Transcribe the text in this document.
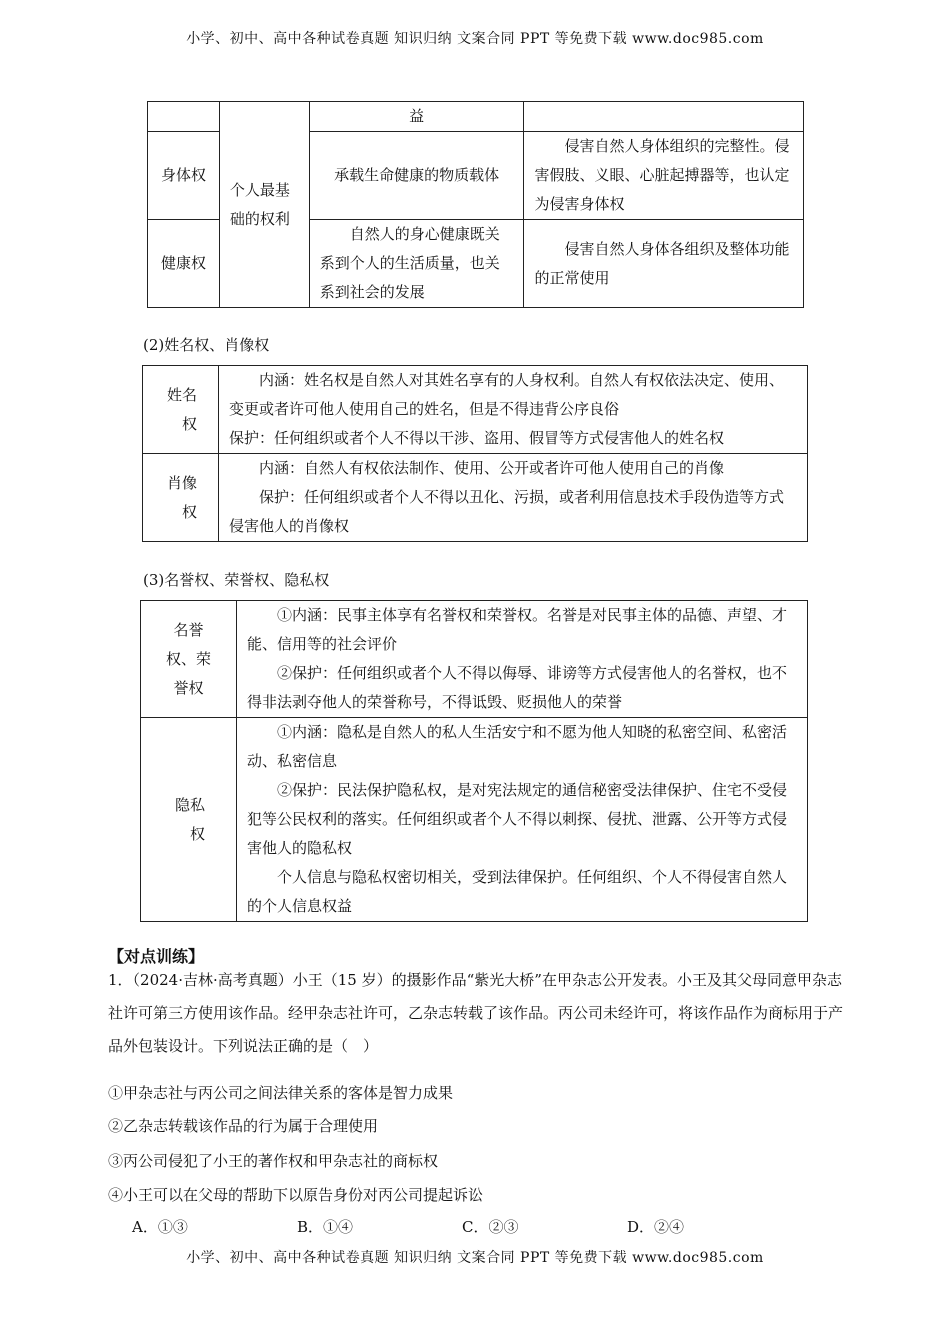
小学、初中、高中各种试卷真题 知识归纳 文案合同 PPT 等免费下载 www.doc985.com
	个人最基础的权利	益	
身体权		承载生命健康的物质载体	侵害自然人身体组织的完整性。侵害假肢、义眼、心脏起搏器等，也认定为侵害身体权
健康权		自然人的身心健康既关系到个人的生活质量，也关系到社会的发展	侵害自然人身体各组织及整体功能的正常使用
(2)姓名权、肖像权
姓名权	内涵：姓名权是自然人对其姓名享有的人身权利。自然人有权依法决定、使用、变更或者许可他人使用自己的姓名，但是不得违背公序良俗
保护：任何组织或者个人不得以干涉、盗用、假冒等方式侵害他人的姓名权

肖像权	内涵：自然人有权依法制作、使用、公开或者许可他人使用自己的肖像
保护：任何组织或者个人不得以丑化、污损，或者利用信息技术手段伪造等方式侵害他人的肖像权
(3)名誉权、荣誉权、隐私权
名誉权、荣誉权	①内涵：民事主体享有名誉权和荣誉权。名誉是对民事主体的品德、声望、才能、信用等的社会评价
②保护：任何组织或者个人不得以侮辱、诽谤等方式侵害他人的名誉权，也不得非法剥夺他人的荣誉称号，不得诋毁、贬损他人的荣誉

隐私权	①内涵：隐私是自然人的私人生活安宁和不愿为他人知晓的私密空间、私密活动、私密信息
②保护：民法保护隐私权，是对宪法规定的通信秘密受法律保护、住宅不受侵犯等公民权利的落实。任何组织或者个人不得以刺探、侵扰、泄露、公开等方式侵害他人的隐私权
个人信息与隐私权密切相关，受到法律保护。任何组织、个人不得侵害自然人的个人信息权益
【对点训练】
1．（2024·吉林·高考真题）小王（15 岁）的摄影作品“紫光大桥”在甲杂志公开发表。小王及其父母同意甲杂志社许可第三方使用该作品。经甲杂志社许可，乙杂志转载了该作品。丙公司未经许可，将该作品作为商标用于产品外包装设计。下列说法正确的是（　）
①甲杂志社与丙公司之间法律关系的客体是智力成果
②乙杂志转载该作品的行为属于合理使用
③丙公司侵犯了小王的著作权和甲杂志社的商标权
④小王可以在父母的帮助下以原告身份对丙公司提起诉讼
A．①③	B．①④	C．②③	D．②④
小学、初中、高中各种试卷真题 知识归纳 文案合同 PPT 等免费下载 www.doc985.com
